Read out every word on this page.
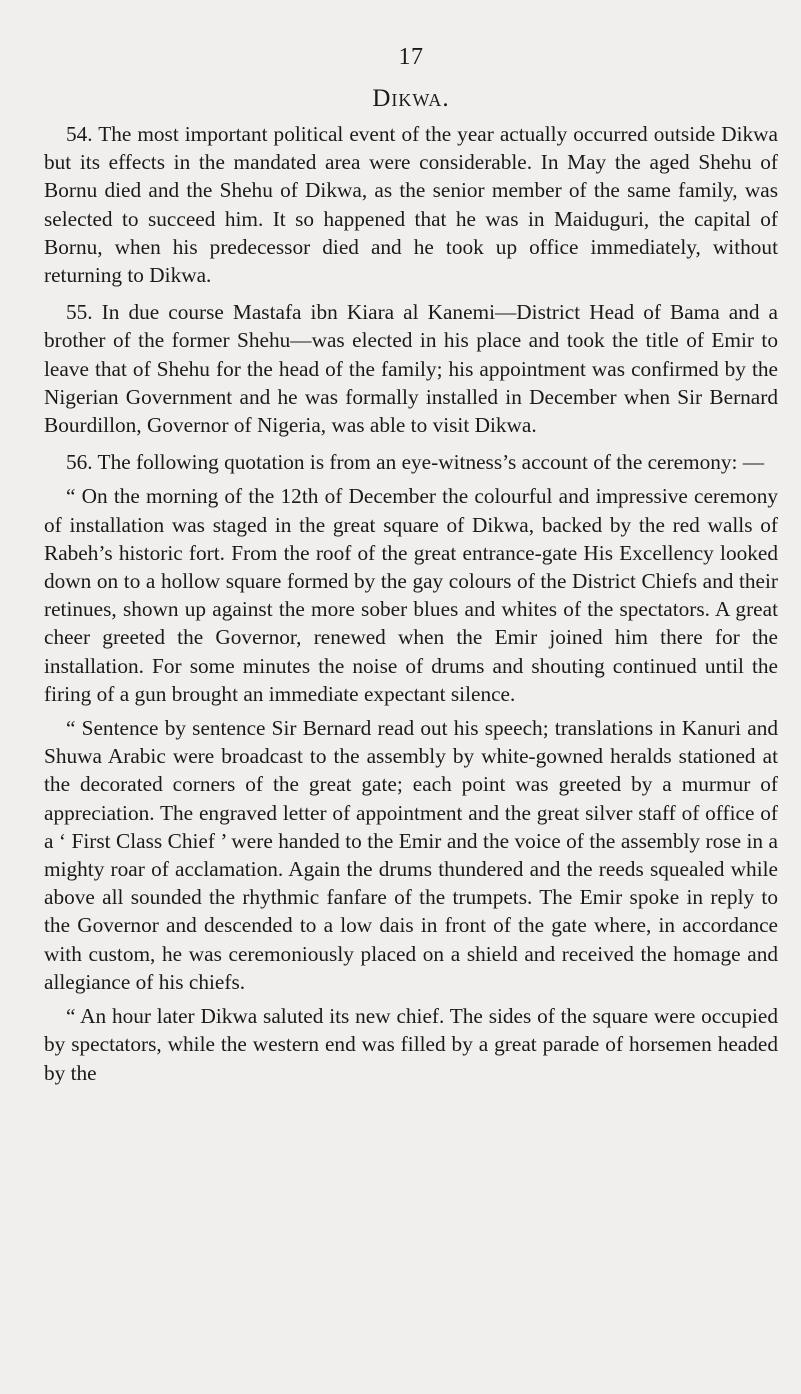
17
Dikwa.

54. The most important political event of the year actually occurred outside Dikwa but its effects in the mandated area were considerable. In May the aged Shehu of Bornu died and the Shehu of Dikwa, as the senior member of the same family, was selected to succeed him. It so happened that he was in Maiduguri, the capital of Bornu, when his predecessor died and he took up office immediately, without returning to Dikwa.

55. In due course Mastafa ibn Kiara al Kanemi—District Head of Bama and a brother of the former Shehu—was elected in his place and took the title of Emir to leave that of Shehu for the head of the family; his appointment was confirmed by the Nigerian Government and he was formally installed in December when Sir Bernard Bourdillon, Governor of Nigeria, was able to visit Dikwa.

56. The following quotation is from an eye-witness’s account of the ceremony: —

“ On the morning of the 12th of December the colourful and impressive ceremony of installation was staged in the great square of Dikwa, backed by the red walls of Rabeh’s historic fort. From the roof of the great entrance-gate His Excellency looked down on to a hollow square formed by the gay colours of the District Chiefs and their retinues, shown up against the more sober blues and whites of the spectators. A great cheer greeted the Governor, renewed when the Emir joined him there for the installation. For some minutes the noise of drums and shouting continued until the firing of a gun brought an immediate expectant silence.

“ Sentence by sentence Sir Bernard read out his speech; translations in Kanuri and Shuwa Arabic were broadcast to the assembly by white-gowned heralds stationed at the decorated corners of the great gate; each point was greeted by a murmur of appreciation. The engraved letter of appointment and the great silver staff of office of a ‘ First Class Chief ’ were handed to the Emir and the voice of the assembly rose in a mighty roar of acclamation. Again the drums thundered and the reeds squealed while above all sounded the rhythmic fanfare of the trumpets. The Emir spoke in reply to the Governor and descended to a low dais in front of the gate where, in accordance with custom, he was ceremoniously placed on a shield and received the homage and allegiance of his chiefs.

“ An hour later Dikwa saluted its new chief. The sides of the square were occupied by spectators, while the western end was filled by a great parade of horsemen headed by the
